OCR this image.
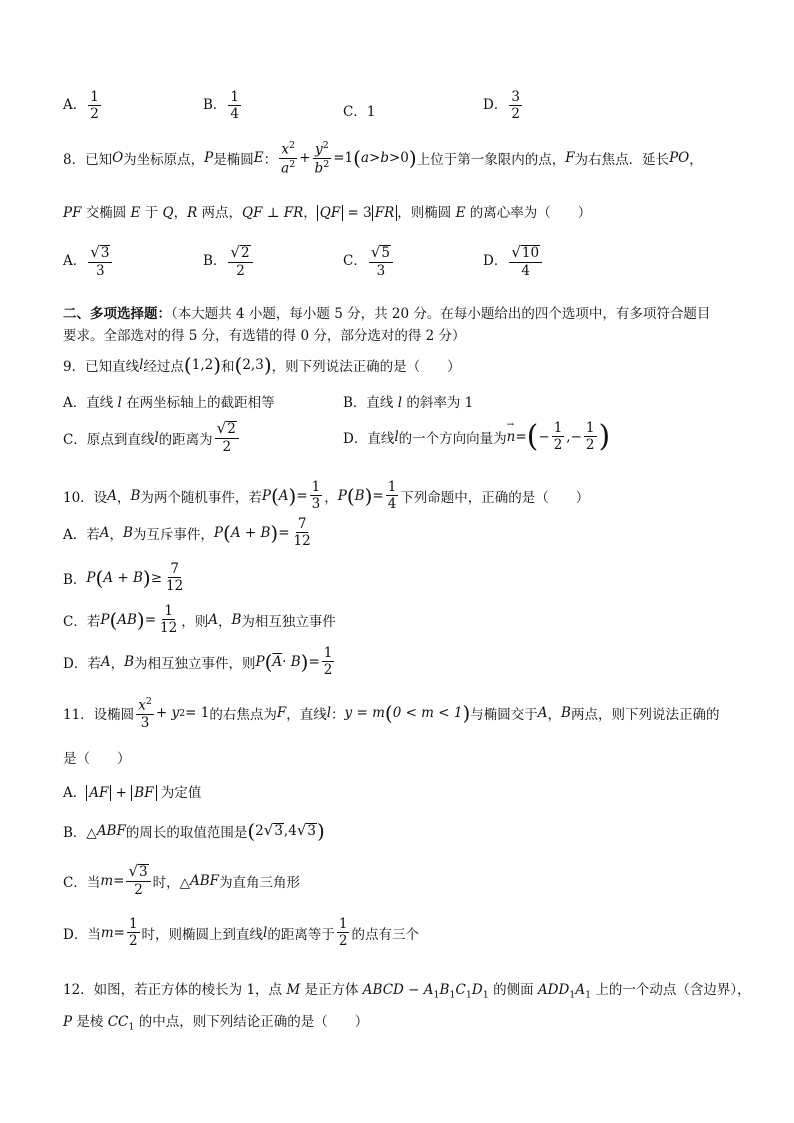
A． $\frac{1}{2}$	B． $\frac{1}{4}$	C．1	D． $\frac{3}{2}$
8．已知 O 为坐标原点， P 是椭圆 E ： $\frac{x^2}{a^2} + \frac{y^2}{b^2} =1$ ( a > b >0 ) 上位于第一象限内的点， F 为右焦点．延长 PO ，
PF 交椭圆 E 于 Q，R 两点，QF ⊥ FR， QF = 3 FR ，则椭圆 E 的离心率为（　　）
A． $\frac{√ 3}{3}$	B． $\frac{√ 2}{2}$	C． $\frac{√ 5}{3}$	D． $\frac{√ 10}{4}$
二、多项选择题：（本大题共 4 小题，每小题 5 分，共 20 分。在每小题给出的四个选项中，有多项符合题目
要求。全部选对的得 5 分，有选错的得 0 分，部分选对的得 2 分）
9．已知直线 l 经过点 ( 1,2 ) 和 ( 2,3 ) ，则下列说法正确的是（　　）
A．直线 l 在两坐标轴上的截距相等	B．直线 l 的斜率为 1
C．原点到直线 l 的距离为 $\frac{√ 2}{2}$	D．直线 l 的一个方向向量为 → n = ( − $\frac{1}{2}$ ,− $\frac{1}{2}$ )
10．设 A ， B 为两个随机事件，若 P ( A ) = $\frac{1}{3}$ ， P ( B ) = $\frac{1}{4}$ 下列命题中，正确的是（　　）
A．若 A ， B 为互斥事件， P ( A + B ) = $\frac{7}{12}$
B． P ( A + B ) ≥ $\frac{7}{12}$
C．若 P ( AB ) = $\frac{1}{12}$ ，则 A ， B 为相互独立事件
D．若 A ， B 为相互独立事件，则 P ( $\overline{A} \cdot B$ ) = $\frac{1}{2}$
11．设椭圆 $\frac{x^2}{3} + y$ 2 = 1 的右焦点为 F ，直线 l ： y = m ( 0 < m < 1 ) 与椭圆交于 A ， B 两点，则下列说法正确的
是（　　）
A． AF + BF 为定值
B．△ ABF 的周长的取值范围是 ( 2 √ 3 ,4 √ 3 )
C．当 $m = \frac{√ 3}{2}$ 时，△ ABF 为直角三角形
D．当 $m = \frac{1}{2}$ 时，则椭圆上到直线 l 的距离等于 $\frac{1}{2}$ 的点有三个
12．如图，若正方体的棱长为 1，点 M 是正方体 ABCD − $A_1B_1C_1D_1$ 的侧面 $ADD_1A_1$ 上的一个动点（含边界），
P 是棱 $CC_1$ 的中点，则下列结论正确的是（　　）
